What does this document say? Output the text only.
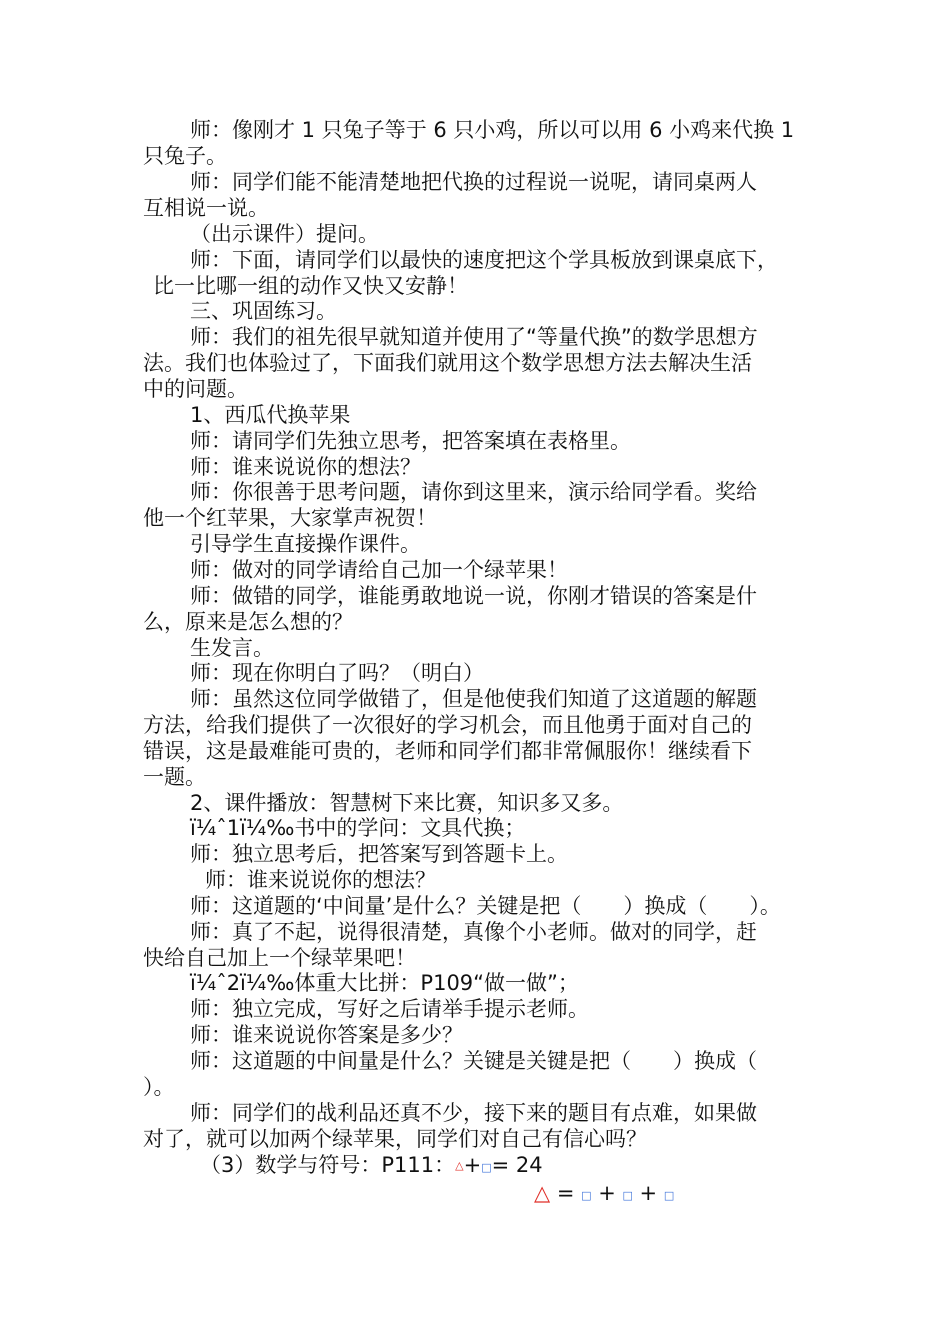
师：像刚才 1 只兔子等于 6 只小鸡，所以可以用 6 小鸡来代换 1
只兔子。
师：同学们能不能清楚地把代换的过程说一说呢，请同桌两人
互相说一说。
（出示课件）提问。
师：下面，请同学们以最快的速度把这个学具板放到课桌底下，
比一比哪一组的动作又快又安静！
三、巩固练习。
师：我们的祖先很早就知道并使用了“等量代换”的数学思想方
法。我们也体验过了，下面我们就用这个数学思想方法去解决生活
中的问题。
1、西瓜代换苹果
师：请同学们先独立思考，把答案填在表格里。
师：谁来说说你的想法？
师：你很善于思考问题，请你到这里来，演示给同学看。奖给
他一个红苹果，大家掌声祝贺！
引导学生直接操作课件。
师：做对的同学请给自己加一个绿苹果！
师：做错的同学，谁能勇敢地说一说，你刚才错误的答案是什
么，原来是怎么想的？
生发言。
师：现在你明白了吗？（明白）
师：虽然这位同学做错了，但是他使我们知道了这道题的解题
方法，给我们提供了一次很好的学习机会，而且他勇于面对自己的
错误，这是最难能可贵的，老师和同学们都非常佩服你！继续看下
一题。
2、课件播放：智慧树下来比赛，知识多又多。
ï¼ˆ1ï¼‰书中的学问：文具代换；
师：独立思考后，把答案写到答题卡上。
师：谁来说说你的想法？
师：这道题的‘中间量’是什么？关键是把（　　）换成（　　）。
师：真了不起，说得很清楚，真像个小老师。做对的同学，赶
快给自己加上一个绿苹果吧！
ï¼ˆ2ï¼‰体重大比拼：P109“做一做”；
师：独立完成，写好之后请举手提示老师。
师：谁来说说你答案是多少？
师：这道题的中间量是什么？关键是关键是把（　　）换成（
）。
师：同学们的战利品还真不少，接下来的题目有点难，如果做
对了，就可以加两个绿苹果，同学们对自己有信心吗？
（3）数学与符号：P111：△+□= 24
△ = □ + □ + □
